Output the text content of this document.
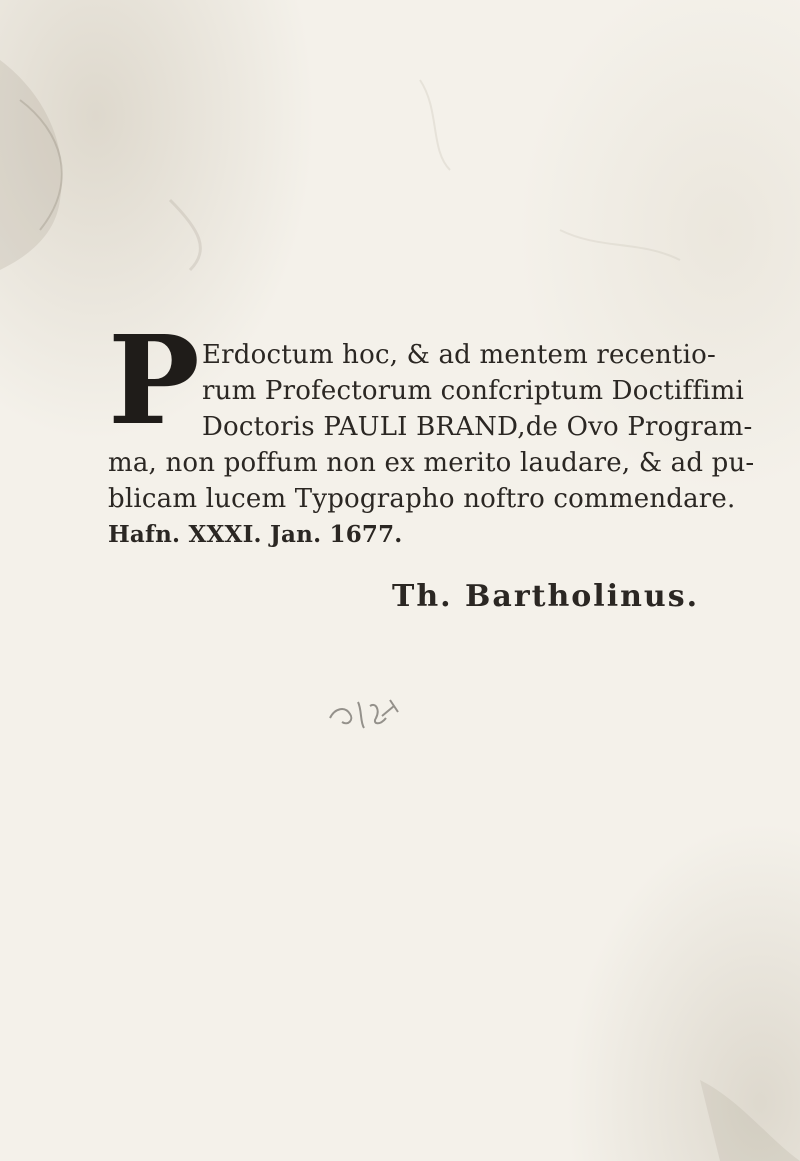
P Erdoctum hoc, & ad mentem recentio-
rum Profectorum confcriptum Doctiffimi
Doctoris PAULI BRAND,de Ovo Program-
ma, non poffum non ex merito laudare, & ad pu-
blicam lucem Typographo noftro commendare.
Hafn. XXXI. Jan. 1677.
Th. Bartholinus.
